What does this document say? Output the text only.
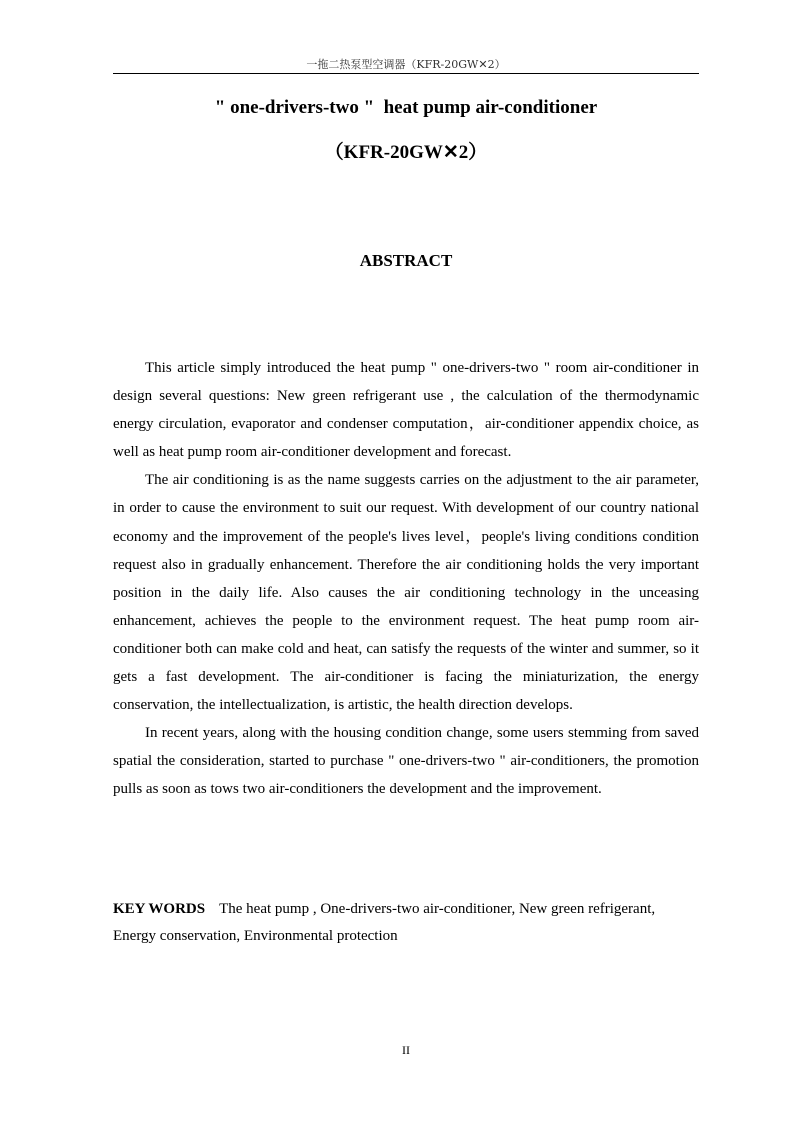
一拖二热泵型空调器（KFR-20GW✕2）
" one-drivers-two "  heat pump air-conditioner
（KFR-20GW✕2）
ABSTRACT

This article simply introduced the heat pump " one-drivers-two " room air-conditioner in design several questions: New green refrigerant use , the calculation of the thermodynamic energy circulation, evaporator and condenser computation，air-conditioner appendix choice, as well as heat pump room air-conditioner development and forecast.

The air conditioning is as the name suggests carries on the adjustment to the air parameter, in order to cause the environment to suit our request. With development of our country national economy and the improvement of the people's lives level，people's living conditions condition request also in gradually enhancement. Therefore the air conditioning holds the very important position in the daily life. Also causes the air conditioning technology in the unceasing enhancement, achieves the people to the environment request. The heat pump room air-conditioner both can make cold and heat, can satisfy the requests of the winter and summer, so it gets a fast development. The air-conditioner is facing the miniaturization, the energy conservation, the intellectualization, is artistic, the health direction develops.

In recent years, along with the housing condition change, some users stemming from saved spatial the consideration, started to purchase " one-drivers-two " air-conditioners, the promotion pulls as soon as tows two air-conditioners the development and the improvement.

KEY WORDS The heat pump , One-drivers-two air-conditioner, New green refrigerant, Energy conservation, Environmental protection
II
